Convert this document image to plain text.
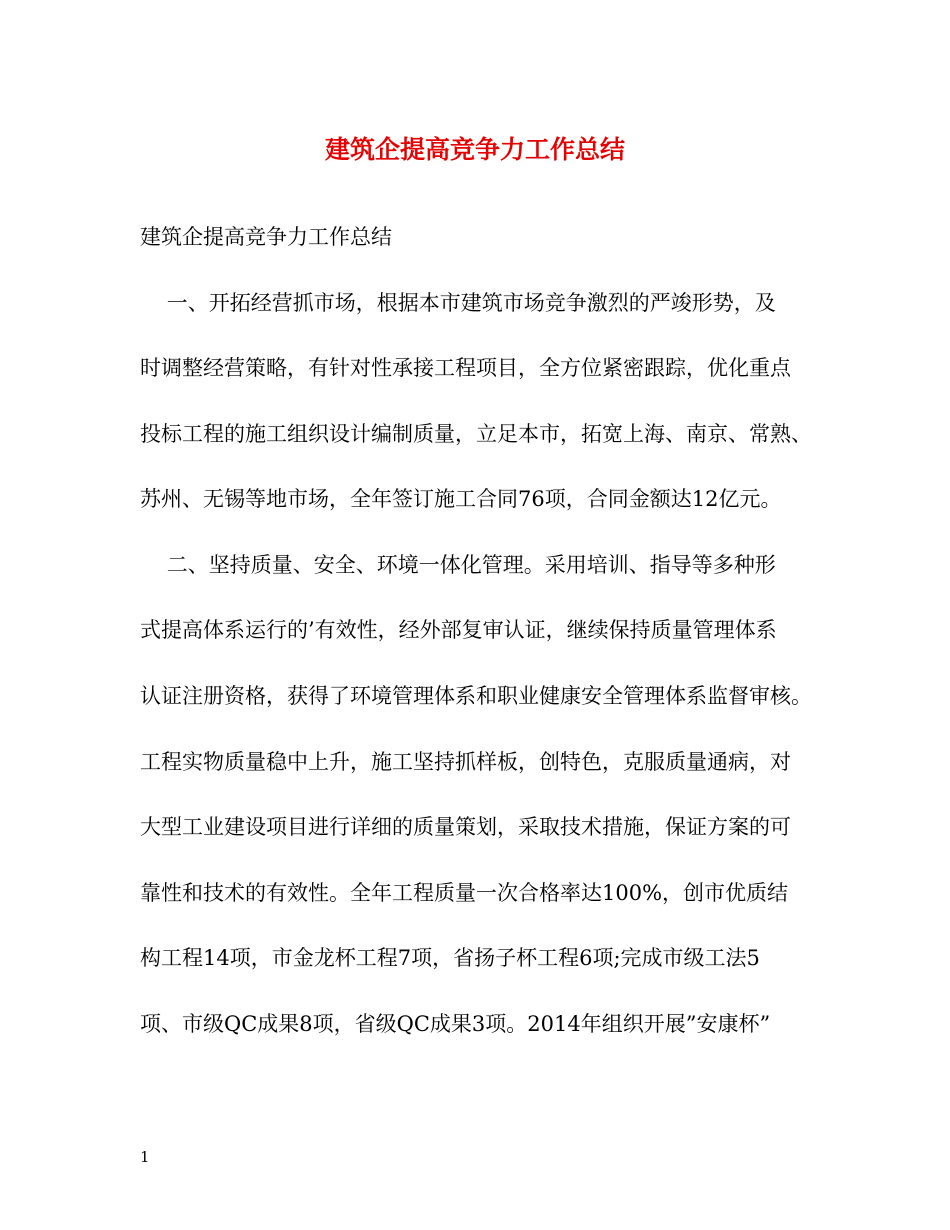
建筑企提高竞争力工作总结
建筑企提高竞争力工作总结
一、开拓经营抓市场，根据本市建筑市场竞争激烈的严竣形势，及
时调整经营策略，有针对性承接工程项目，全方位紧密跟踪，优化重点
投标工程的施工组织设计编制质量，立足本市，拓宽上海、南京、常熟、
苏州、无锡等地市场，全年签订施工合同76项，合同金额达12亿元。
二、坚持质量、安全、环境一体化管理。采用培训、指导等多种形
式提高体系运行的’有效性，经外部复审认证，继续保持质量管理体系
认证注册资格，获得了环境管理体系和职业健康安全管理体系监督审核。
工程实物质量稳中上升，施工坚持抓样板，创特色，克服质量通病，对
大型工业建设项目进行详细的质量策划，采取技术措施，保证方案的可
靠性和技术的有效性。全年工程质量一次合格率达100%，创市优质结
构工程14项，市金龙杯工程7项，省扬子杯工程6项;完成市级工法5
项、市级QC成果8项，省级QC成果3项。2014年组织开展”安康杯”
1
